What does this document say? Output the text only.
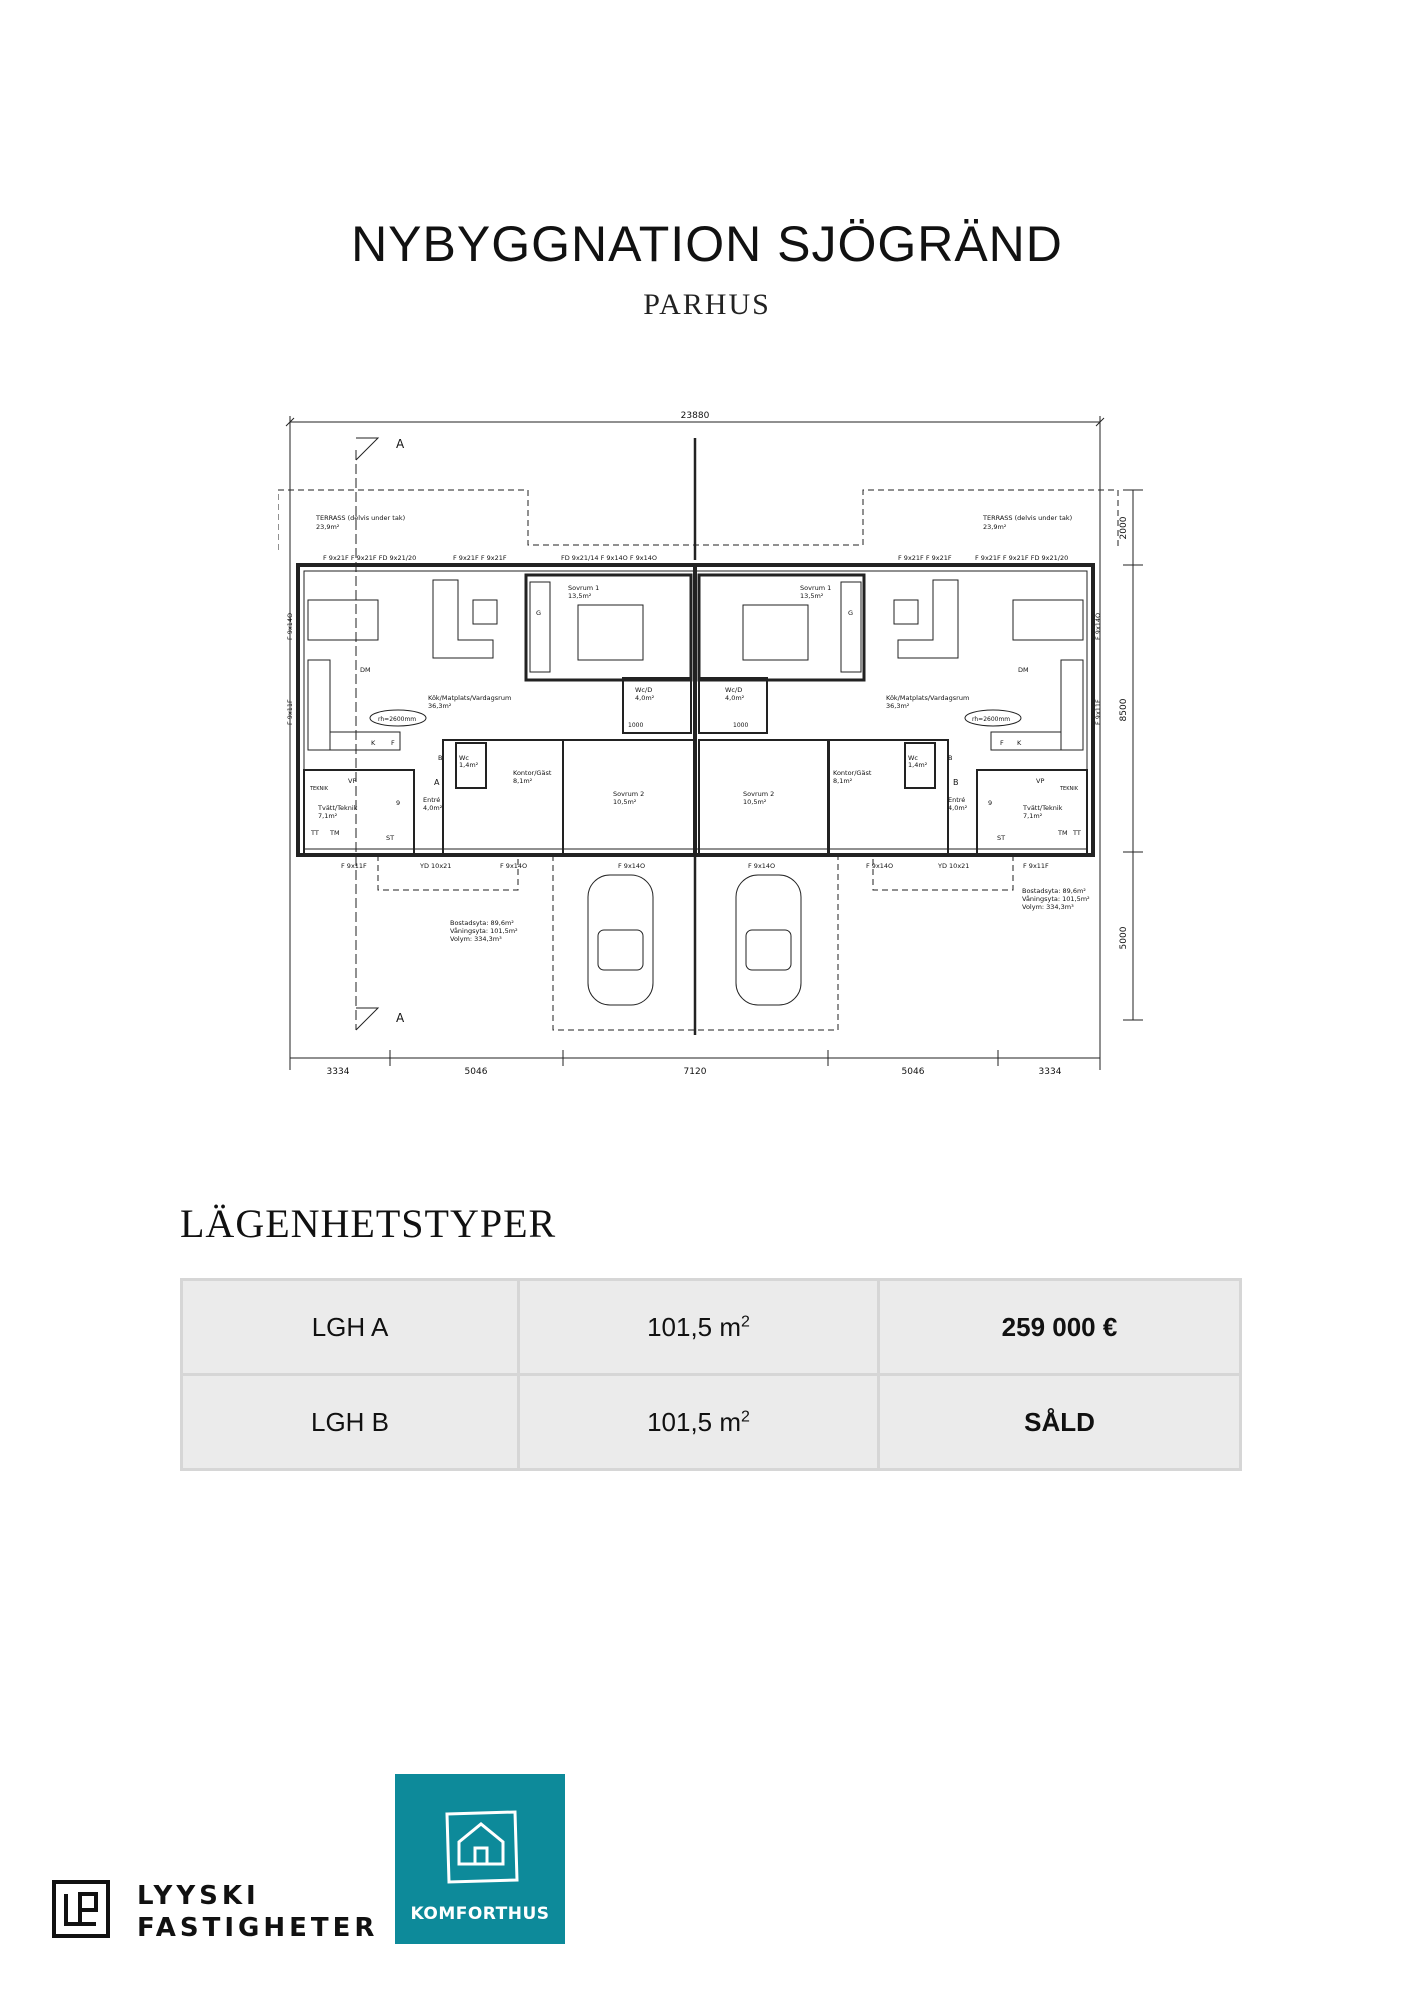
NYBYGGNATION SJÖGRÄND
PARHUS
23880
3334	5046	7120	5046	3334
2000
8500
5000
A
A
TERRASS (delvis under tak)
23,9m²
TERRASS (delvis under tak)
23,9m²
F 9x21F F 9x21F FD 9x21/20	F 9x21F F 9x21F	FD 9x21/14 F 9x14O F 9x14O	F 9x21F F 9x21F	F 9x21F F 9x21F FD 9x21/20
Kök/Matplats/Vardagsrum
36,3m²
Kök/Matplats/Vardagsrum
36,3m²
rh=2600mm	rh=2600mm
Sovrum 1
13,5m²
Sovrum 1
13,5m²
Wc/D
4,0m²
Wc/D
4,0m²
Sovrum 2
10,5m²
Sovrum 2
10,5m²
Kontor/Gäst
8,1m²
Kontor/Gäst
8,1m²
Wc
1,4m²
Wc
1,4m²
Entré
4,0m²
Entré
4,0m²
Tvätt/Teknik
7,1m²
Tvätt/Teknik
7,1m²
F 9x11F	YD 10x21	F 9x14O	F 9x14O	F 9x14O	F 9x14O	YD 10x21	F 9x11F
Bostadsyta: 89,6m²
Våningsyta: 101,5m²
Volym: 334,3m³
Bostadsyta: 89,6m²
Våningsyta: 101,5m²
Volym: 334,3m³
DM	DM
VP	VP
TEKNIK	TEKNIK
TT TM
ST
TM TT
ST
K F	F K
B	B
G	G
9	9
1000	1000
A	B
F 9x14O
F 9x11F
F 9x14O
F 9x11F
LÄGENHETSTYPER
LGH A	101,5 $m^2$	259 000 €
LGH B	101,5 $m^2$	SÅLD
LYYSKI
FASTIGHETER	KOMFORTHUS
